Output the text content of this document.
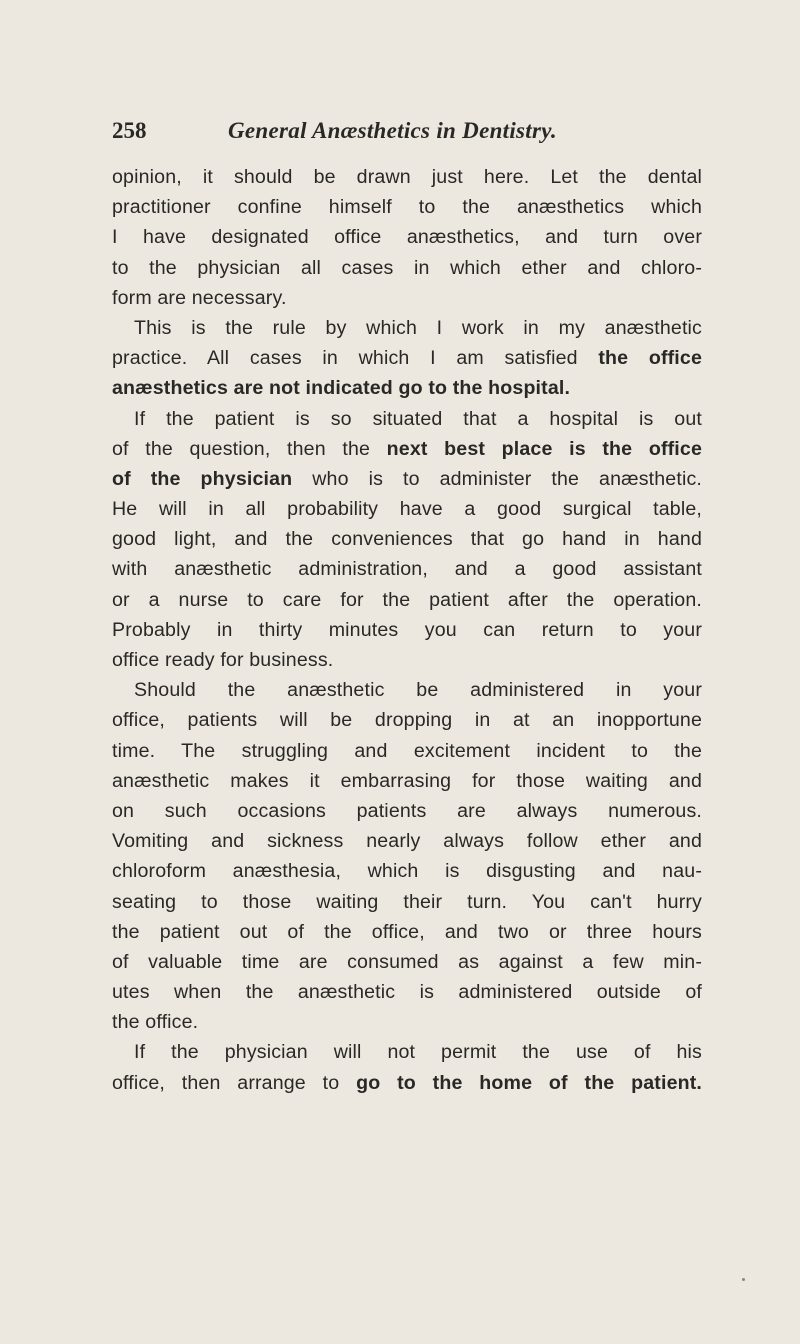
258	General Anæsthetics in Dentistry.
opinion, it should be drawn just here. Let the dental
practitioner confine himself to the anæsthetics which
I have designated office anæsthetics, and turn over
to the physician all cases in which ether and chloro-
form are necessary.
This is the rule by which I work in my anæsthetic
practice. All cases in which I am satisfied the office
anæsthetics are not indicated go to the hospital.
If the patient is so situated that a hospital is out
of the question, then the next best place is the office
of the physician who is to administer the anæsthetic.
He will in all probability have a good surgical table,
good light, and the conveniences that go hand in hand
with anæsthetic administration, and a good assistant
or a nurse to care for the patient after the operation.
Probably in thirty minutes you can return to your
office ready for business.
Should the anæsthetic be administered in your
office, patients will be dropping in at an inopportune
time. The struggling and excitement incident to the
anæsthetic makes it embarrasing for those waiting and
on such occasions patients are always numerous.
Vomiting and sickness nearly always follow ether and
chloroform anæsthesia, which is disgusting and nau-
seating to those waiting their turn. You can't hurry
the patient out of the office, and two or three hours
of valuable time are consumed as against a few min-
utes when the anæsthetic is administered outside of
the office.
If the physician will not permit the use of his
office, then arrange to go to the home of the patient.
